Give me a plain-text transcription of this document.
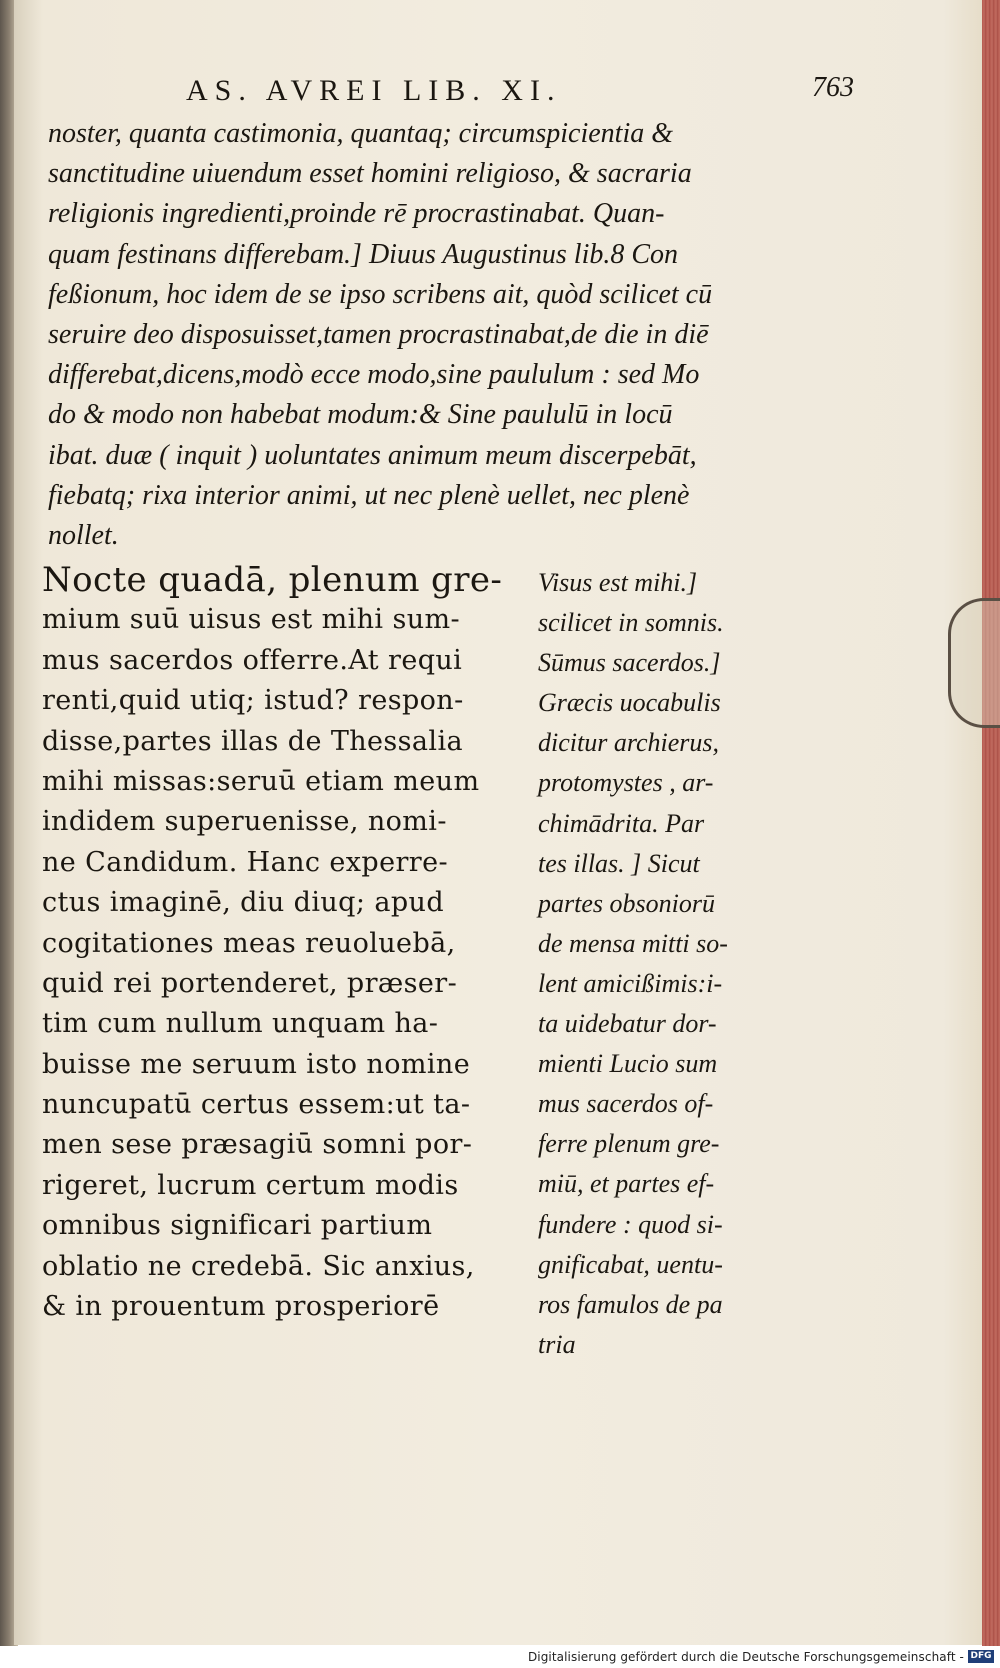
AS. AVREI LIB. XI.	763
noster, quanta castimonia, quantaq; circumspicientia &
sanctitudine uiuendum esset homini religioso, & sacraria
religionis ingredienti,proinde rē procrastinabat. Quan-
quam festinans differebam.] Diuus Augustinus lib.8 Con
feßionum, hoc idem de se ipso scribens ait, quòd scilicet cū
seruire deo disposuisset,tamen procrastinabat,de die in diē
differebat,dicens,modò ecce modo,sine paululum : sed Mo
do & modo non habebat modum:& Sine paululū in locū
ibat. duæ ( inquit ) uoluntates animum meum discerpebāt,
fiebatq; rixa interior animi, ut nec plenè uellet, nec plenè
nollet.
Nocte quadā, plenum gre-
mium suū uisus est mihi sum-
mus sacerdos offerre.At requi
renti,quid utiq; istud? respon-
disse,partes illas de Thessalia
mihi missas:seruū etiam meum
indidem superuenisse, nomi-
ne Candidum. Hanc experre-
ctus imaginē, diu diuq; apud
cogitationes meas reuoluebā,
quid rei portenderet, præser-
tim cum nullum unquam ha-
buisse me seruum isto nomine
nuncupatū certus essem:ut ta-
men sese præsagiū somni por-
rigeret, lucrum certum modis
omnibus significari partium
oblatio ne credebā. Sic anxius,
& in prouentum prosperiorē
Visus est mihi.]
scilicet in somnis.
Sūmus sacerdos.]
Græcis uocabulis
dicitur archierus,
protomystes , ar-
chimādrita. Par
tes illas. ] Sicut
partes obsoniorū
de mensa mitti so-
lent amicißimis:i-
ta uidebatur dor-
mienti Lucio sum
mus sacerdos of-
ferre plenum gre-
miū, et partes ef-
fundere : quod si-
gnificabat, uentu-
ros famulos de pa
tria
Digitalisierung gefördert durch die Deutsche Forschungsgemeinschaft - DFG
